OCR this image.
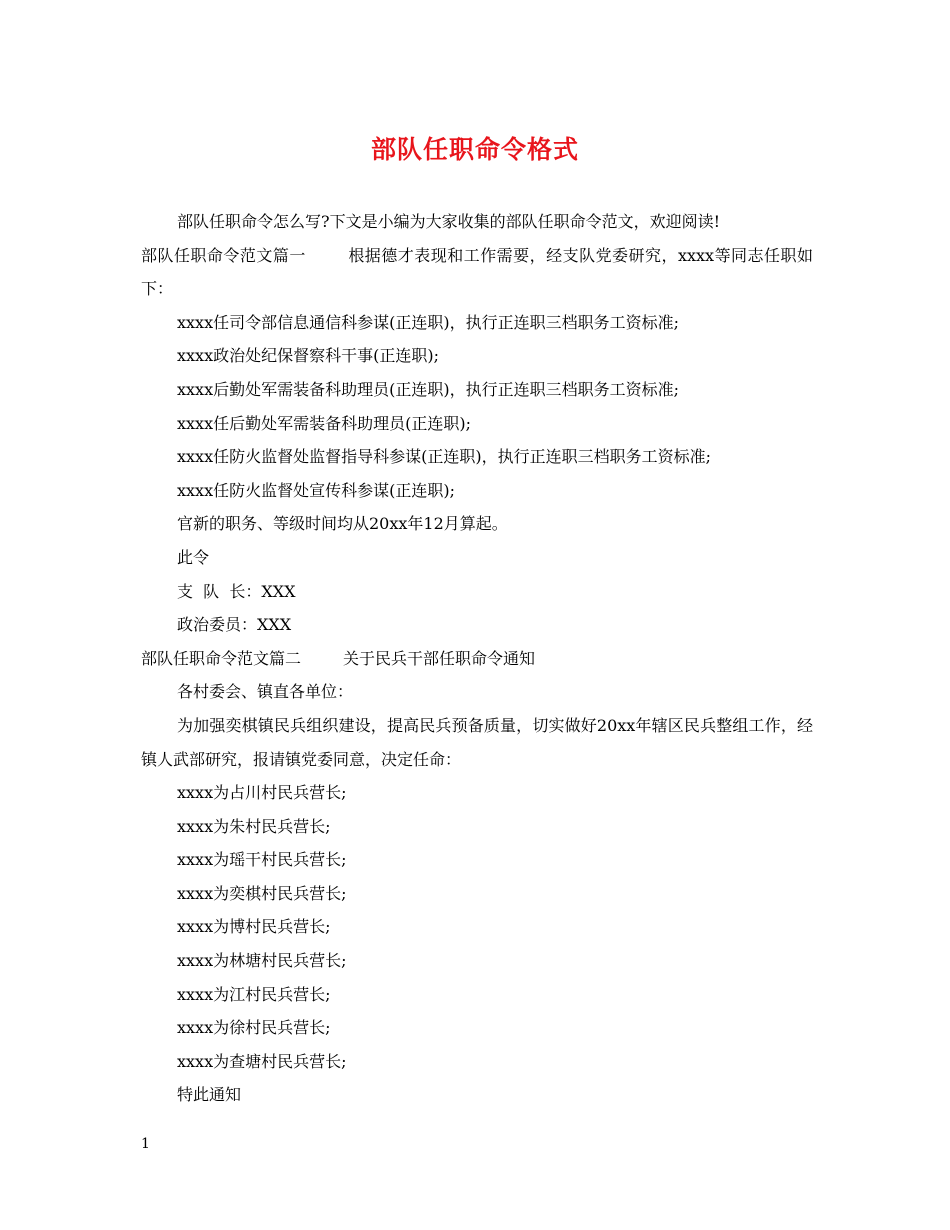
部队任职命令格式
部队任职命令怎么写?下文是小编为大家收集的部队任职命令范文，欢迎阅读!
部队任职命令范文篇一	根据德才表现和工作需要，经支队党委研究，xxxx等同志任职如下：
xxxx任司令部信息通信科参谋(正连职)，执行正连职三档职务工资标准;
xxxx政治处纪保督察科干事(正连职);
xxxx后勤处军需装备科助理员(正连职)，执行正连职三档职务工资标准;
xxxx任后勤处军需装备科助理员(正连职);
xxxx任防火监督处监督指导科参谋(正连职)，执行正连职三档职务工资标准;
xxxx任防火监督处宣传科参谋(正连职);
官新的职务、等级时间均从20xx年12月算起。
此令
支  队  长：XXX
政治委员：XXX
部队任职命令范文篇二	关于民兵干部任职命令通知
各村委会、镇直各单位：
为加强奕棋镇民兵组织建设，提高民兵预备质量，切实做好20xx年辖区民兵整组工作，经镇人武部研究，报请镇党委同意，决定任命：
xxxx为占川村民兵营长;
xxxx为朱村民兵营长;
xxxx为瑶干村民兵营长;
xxxx为奕棋村民兵营长;
xxxx为博村民兵营长;
xxxx为林塘村民兵营长;
xxxx为江村民兵营长;
xxxx为徐村民兵营长;
xxxx为查塘村民兵营长;
特此通知
1
